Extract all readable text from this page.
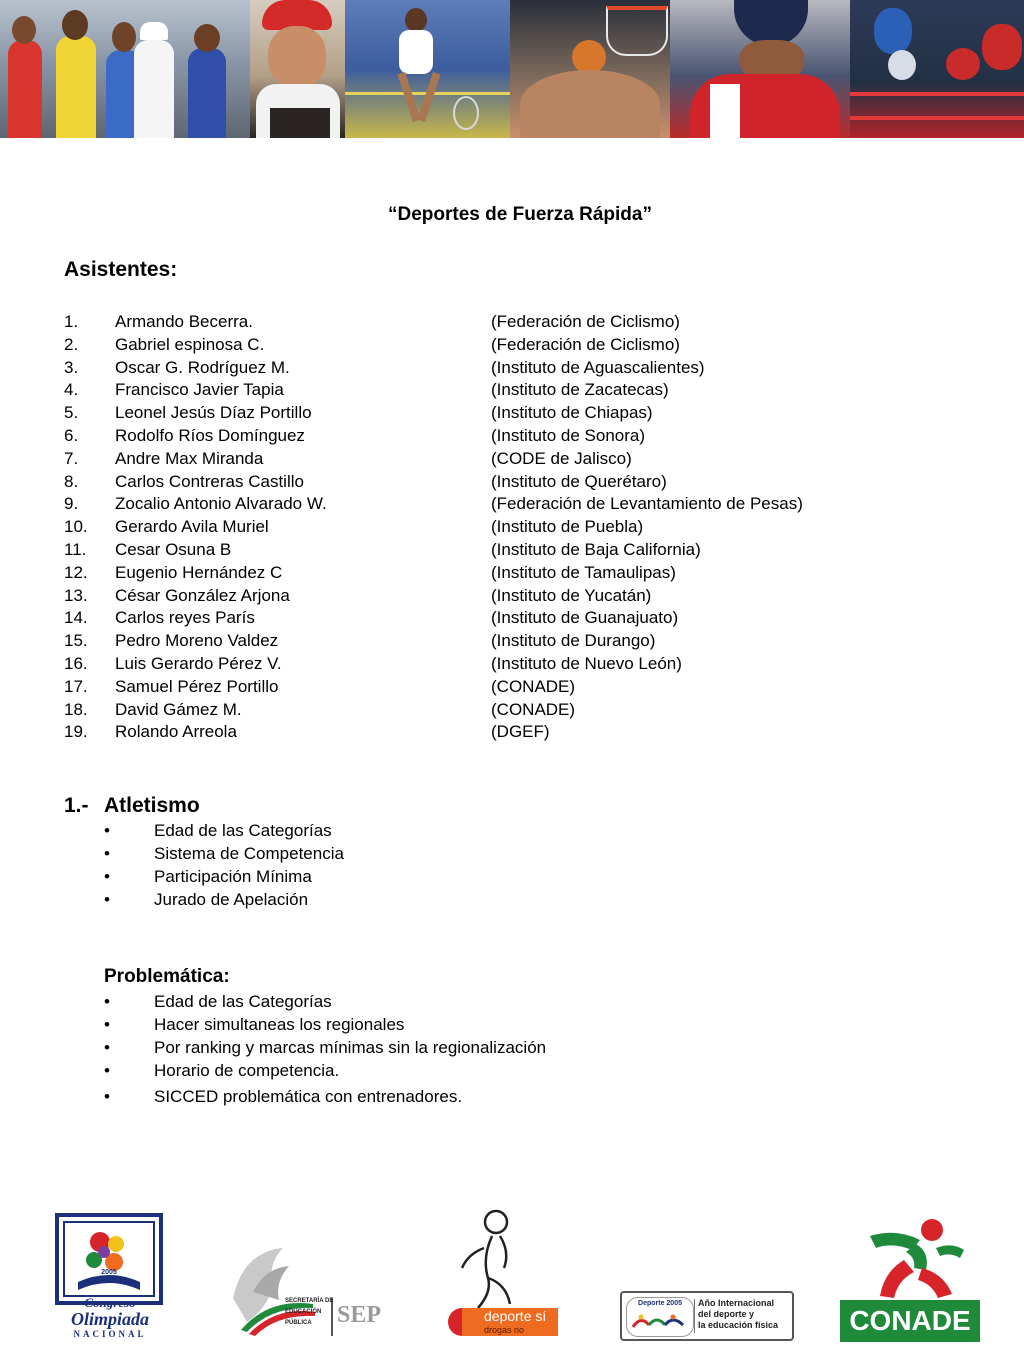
“Deportes de Fuerza Rápida”
Asistentes:
1. Armando Becerra.	(Federación de Ciclismo)
2. Gabriel espinosa C.	(Federación de Ciclismo)
3. Oscar G. Rodríguez M.	(Instituto de Aguascalientes)
4. Francisco Javier Tapia	(Instituto de Zacatecas)
5. Leonel Jesús Díaz Portillo	(Instituto de Chiapas)
6. Rodolfo Ríos Domínguez	(Instituto de Sonora)
7. Andre Max Miranda	(CODE de Jalisco)
8. Carlos Contreras Castillo	(Instituto de Querétaro)
9. Zocalio Antonio Alvarado W.	(Federación de Levantamiento de Pesas)
10. Gerardo Avila Muriel	(Instituto de Puebla)
11. Cesar Osuna B	(Instituto de Baja California)
12. Eugenio Hernández C	(Instituto de Tamaulipas)
13. César González Arjona	(Instituto de Yucatán)
14. Carlos reyes París	(Instituto de Guanajuato)
15. Pedro Moreno Valdez	(Instituto de Durango)
16. Luis Gerardo Pérez V.	(Instituto de Nuevo León)
17. Samuel Pérez Portillo	(CONADE)
18. David Gámez M.	(CONADE)
19. Rolando Arreola	(DGEF)
1.- Atletismo
•	Edad de las Categorías
•	Sistema de Competencia
•	Participación Mínima
•	Jurado de Apelación
Problemática:
•	Edad de las Categorías
•	Hacer simultaneas los regionales
•	Por ranking y marcas mínimas sin la regionalización
•	Horario de competencia.
•	SICCED problemática con entrenadores.
2005
Congreso
Olimpiada
NACIONAL
SECRETARÍA DE
EDUCACIÓN
PÚBLICA	SEP	deporte sí
drogas no
Deporte 2005	Año Internacional
del deporte y
la educación física	CONADE
